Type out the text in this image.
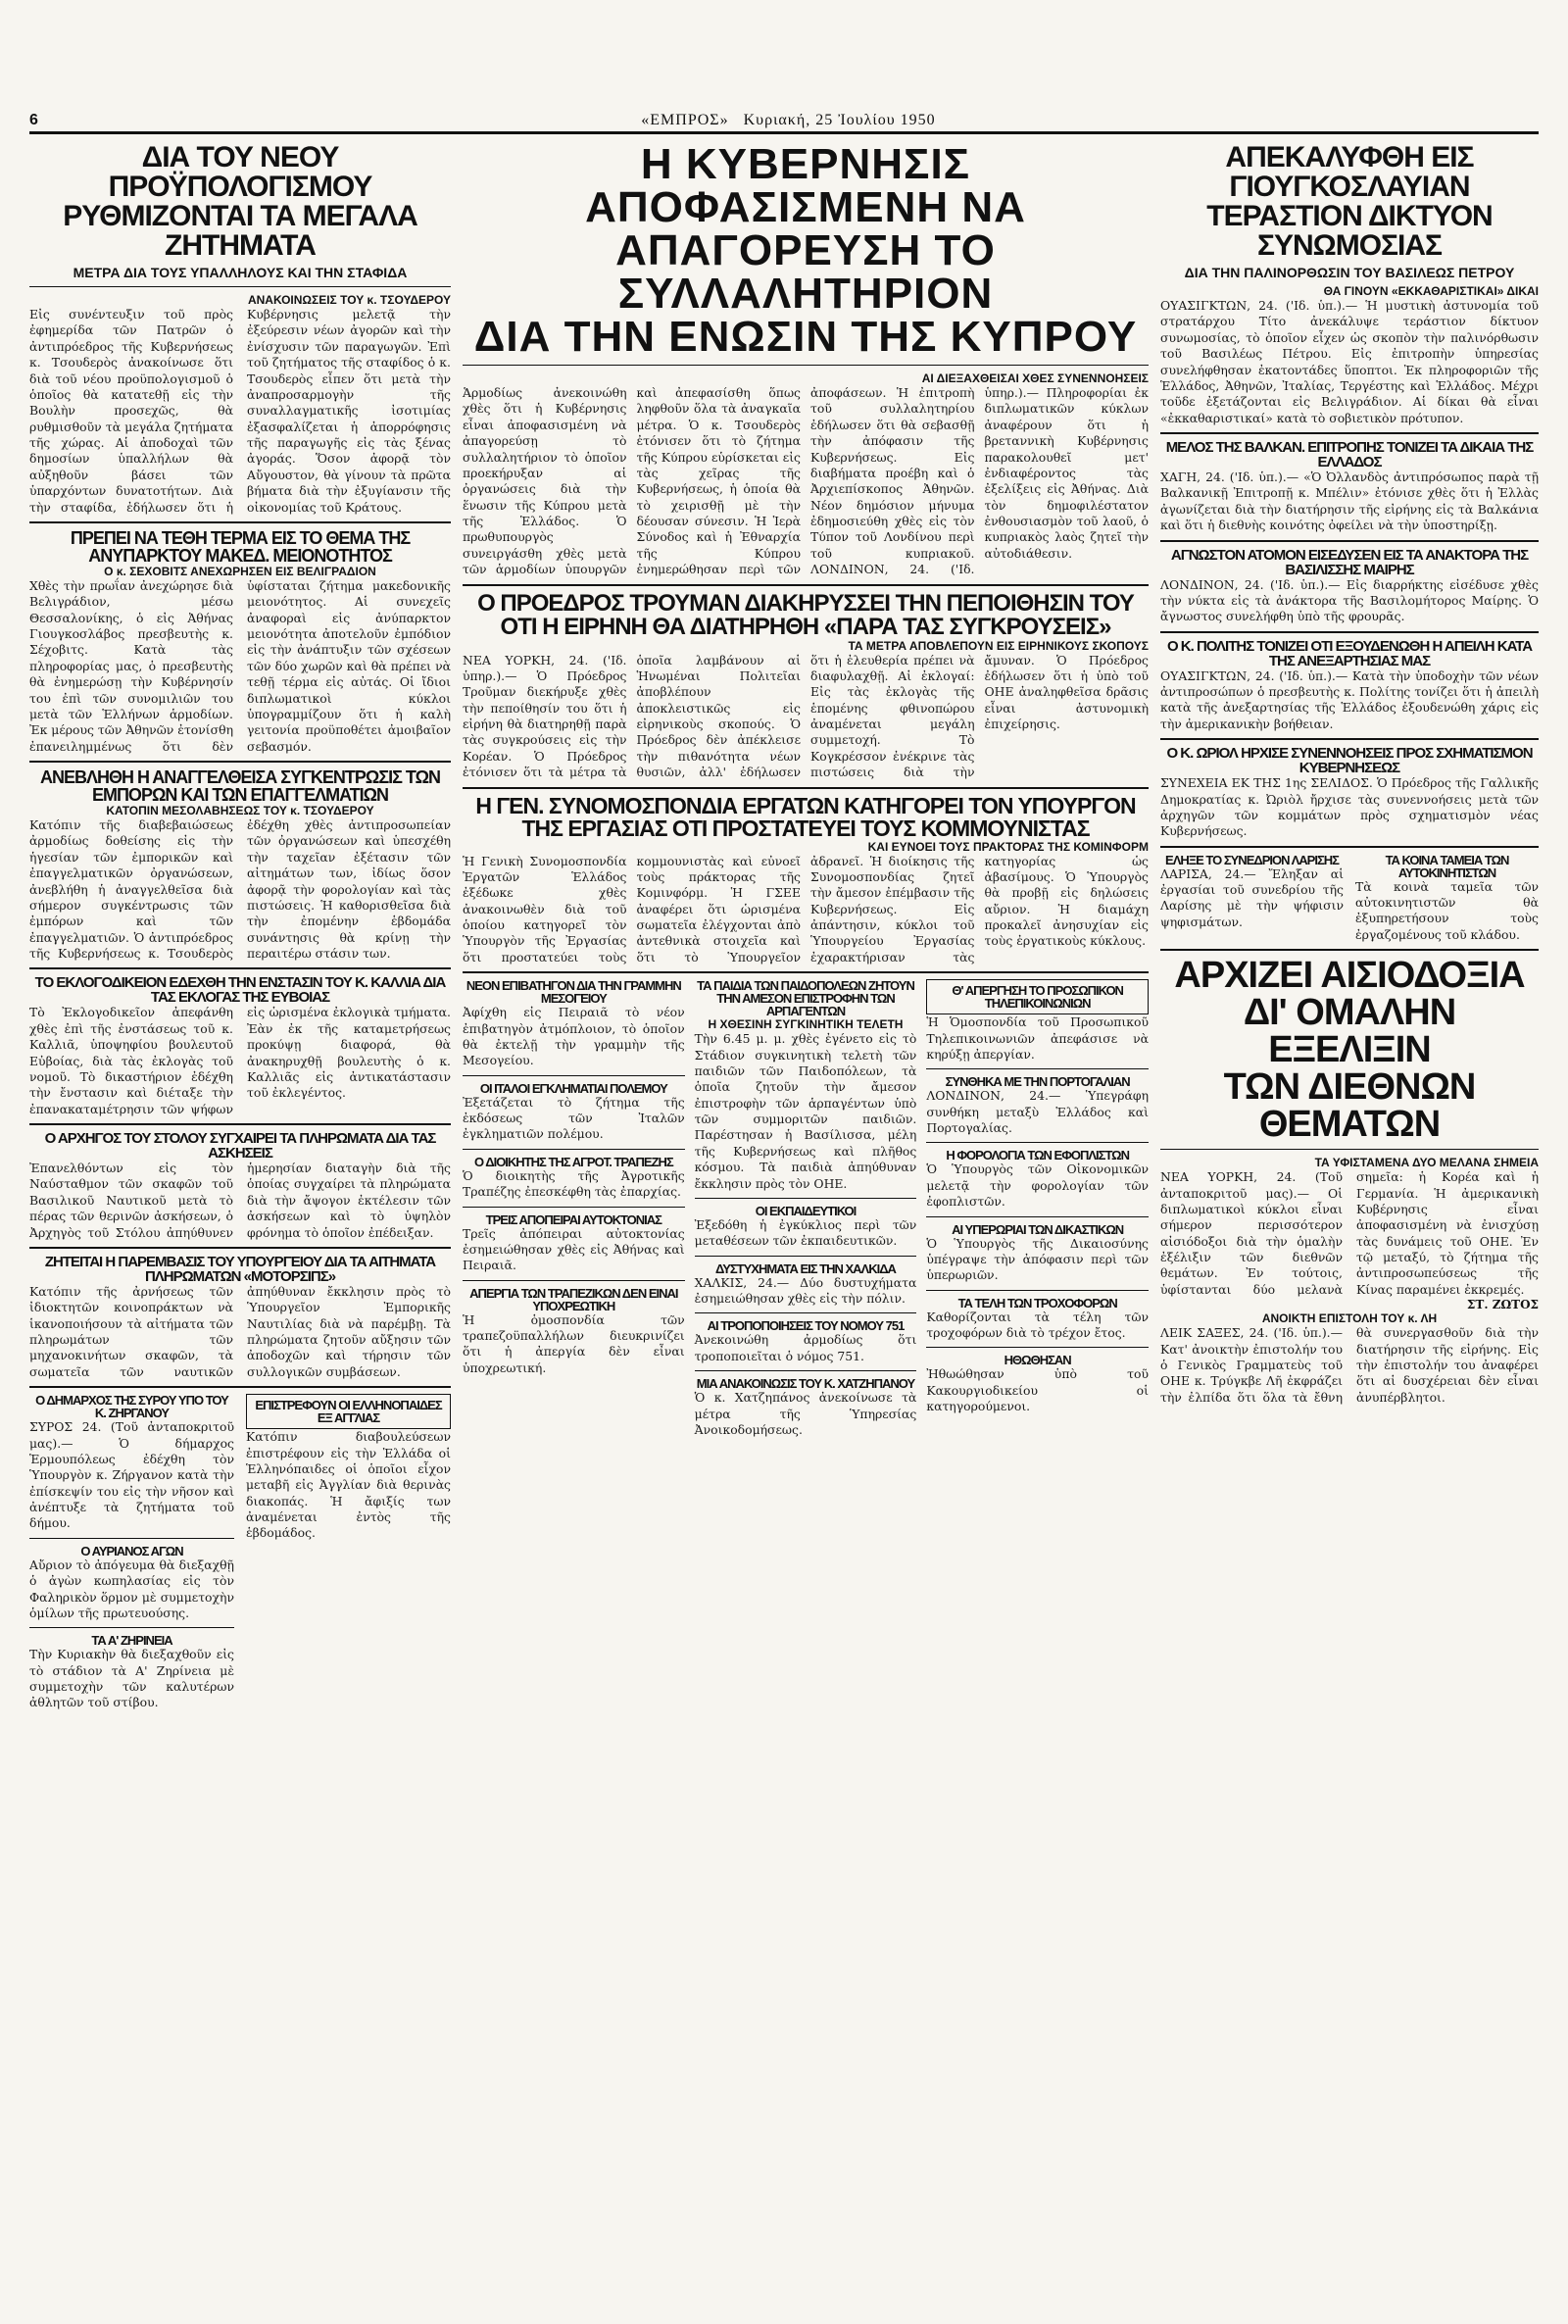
6	«ΕΜΠΡΟΣ» Κυριακή, 25 Ἰουλίου 1950
ΔΙΑ ΤΟΥ ΝΕΟΥ ΠΡΟΫΠΟΛΟΓΙΣΜΟΥ ΡΥΘΜΙΖΟΝΤΑΙ ΤΑ ΜΕΓΑΛΑ ΖΗΤΗΜΑΤΑ
ΜΕΤΡΑ ΔΙΑ ΤΟΥΣ ΥΠΑΛΛΗΛΟΥΣ ΚΑΙ ΤΗΝ ΣΤΑΦΙΔΑ
ΑΝΑΚΟΙΝΩΣΕΙΣ ΤΟΥ κ. ΤΣΟΥΔΕΡΟΥ
Εἰς συνέντευξιν τοῦ πρὸς ἐφημερίδα τῶν Πατρῶν ὁ ἀντιπρόεδρος τῆς Κυβερνήσεως κ. Τσουδερὸς ἀνακοίνωσε ὅτι διὰ τοῦ νέου προϋπολογισμοῦ ὁ ὁποῖος θὰ κατατεθῇ εἰς τὴν Βουλὴν προσεχῶς, θὰ ρυθμισθοῦν τὰ μεγάλα ζητήματα τῆς χώρας. Αἱ ἀποδοχαὶ τῶν δημοσίων ὑπαλλήλων θὰ αὐξηθοῦν βάσει τῶν ὑπαρχόντων δυνατοτήτων. Διὰ τὴν σταφίδα, ἐδήλωσεν ὅτι ἡ Κυβέρνησις μελετᾷ τὴν ἐξεύρεσιν νέων ἀγορῶν καὶ τὴν ἐνίσχυσιν τῶν παραγωγῶν. Ἐπὶ τοῦ ζητήματος τῆς σταφίδος ὁ κ. Τσουδερὸς εἶπεν ὅτι μετὰ τὴν ἀναπροσαρμογὴν τῆς συναλλαγματικῆς ἰσοτιμίας ἐξασφαλίζεται ἡ ἀπορρόφησις τῆς παραγωγῆς εἰς τὰς ξένας ἀγοράς. Ὅσον ἀφορᾷ τὸν Αὔγουστον, θὰ γίνουν τὰ πρῶτα βήματα διὰ τὴν ἐξυγίανσιν τῆς οἰκονομίας τοῦ Κράτους.
ΠΡΕΠΕΙ ΝΑ ΤΕΘΗ ΤΕΡΜΑ ΕΙΣ ΤΟ ΘΕΜΑ ΤΗΣ ΑΝΥΠΑΡΚΤΟΥ ΜΑΚΕΔ. ΜΕΙΟΝΟΤΗΤΟΣ
Ο κ. ΣΕΧΟΒΙΤΣ ΑΝΕΧΩΡΗΣΕΝ ΕΙΣ ΒΕΛΙΓΡΑΔΙΟΝ
Χθὲς τὴν πρωΐαν ἀνεχώρησε διὰ Βελιγράδιον, μέσω Θεσσαλονίκης, ὁ εἰς Ἀθήνας Γιουγκοσλάβος πρεσβευτὴς κ. Σέχοβιτς. Κατὰ τὰς πληροφορίας μας, ὁ πρεσβευτὴς θὰ ἐνημερώσῃ τὴν Κυβέρνησίν του ἐπὶ τῶν συνομιλιῶν του μετὰ τῶν Ἑλλήνων ἁρμοδίων. Ἐκ μέρους τῶν Ἀθηνῶν ἐτονίσθη ἐπανειλημμένως ὅτι δὲν ὑφίσταται ζήτημα μακεδονικῆς μειονότητος. Αἱ συνεχεῖς ἀναφοραὶ εἰς ἀνύπαρκτον μειονότητα ἀποτελοῦν ἐμπόδιον εἰς τὴν ἀνάπτυξιν τῶν σχέσεων τῶν δύο χωρῶν καὶ θὰ πρέπει νὰ τεθῇ τέρμα εἰς αὐτάς. Οἱ ἴδιοι διπλωματικοὶ κύκλοι ὑπογραμμίζουν ὅτι ἡ καλὴ γειτονία προϋποθέτει ἀμοιβαῖον σεβασμόν.
ΑΝΕΒΛΗΘΗ Η ΑΝΑΓΓΕΛΘΕΙΣΑ ΣΥΓΚΕΝΤΡΩΣΙΣ ΤΩΝ ΕΜΠΟΡΩΝ ΚΑΙ ΤΩΝ ΕΠΑΓΓΕΛΜΑΤΙΩΝ
ΚΑΤΟΠΙΝ ΜΕΣΟΛΑΒΗΣΕΩΣ ΤΟΥ κ. ΤΣΟΥΔΕΡΟΥ
Κατόπιν τῆς διαβεβαιώσεως ἀρμοδίως δοθείσης εἰς τὴν ἡγεσίαν τῶν ἐμπορικῶν καὶ ἐπαγγελματικῶν ὀργανώσεων, ἀνεβλήθη ἡ ἀναγγελθεῖσα διὰ σήμερον συγκέντρωσις τῶν ἐμπόρων καὶ τῶν ἐπαγγελματιῶν. Ὁ ἀντιπρόεδρος τῆς Κυβερνήσεως κ. Τσουδερὸς ἐδέχθη χθὲς ἀντιπροσωπείαν τῶν ὀργανώσεων καὶ ὑπεσχέθη τὴν ταχεῖαν ἐξέτασιν τῶν αἰτημάτων των, ἰδίως ὅσον ἀφορᾷ τὴν φορολογίαν καὶ τὰς πιστώσεις. Ἡ καθορισθεῖσα διὰ τὴν ἐπομένην ἑβδομάδα συνάντησις θὰ κρίνῃ τὴν περαιτέρω στάσιν των.
ΤΟ ΕΚΛΟΓΟΔΙΚΕΙΟΝ ΕΔΕΧΘΗ ΤΗΝ ΕΝΣΤΑΣΙΝ ΤΟΥ Κ. ΚΑΛΛΙΑ ΔΙΑ ΤΑΣ ΕΚΛΟΓΑΣ ΤΗΣ ΕΥΒΟΙΑΣ
Τὸ Ἐκλογοδικεῖον ἀπεφάνθη χθὲς ἐπὶ τῆς ἐνστάσεως τοῦ κ. Καλλιᾶ, ὑποψηφίου βουλευτοῦ Εὐβοίας, διὰ τὰς ἐκλογὰς τοῦ νομοῦ. Τὸ δικαστήριον ἐδέχθη τὴν ἔνστασιν καὶ διέταξε τὴν ἐπανακαταμέτρησιν τῶν ψήφων εἰς ὡρισμένα ἐκλογικὰ τμήματα. Ἐὰν ἐκ τῆς καταμετρήσεως προκύψῃ διαφορά, θὰ ἀνακηρυχθῇ βουλευτὴς ὁ κ. Καλλιᾶς εἰς ἀντικατάστασιν τοῦ ἐκλεγέντος.
Ο ΑΡΧΗΓΟΣ ΤΟΥ ΣΤΟΛΟΥ ΣΥΓΧΑΙΡΕΙ ΤΑ ΠΛΗΡΩΜΑΤΑ ΔΙΑ ΤΑΣ ΑΣΚΗΣΕΙΣ
Ἐπανελθόντων εἰς τὸν Ναύσταθμον τῶν σκαφῶν τοῦ Βασιλικοῦ Ναυτικοῦ μετὰ τὸ πέρας τῶν θερινῶν ἀσκήσεων, ὁ Ἀρχηγὸς τοῦ Στόλου ἀπηύθυνεν ἡμερησίαν διαταγὴν διὰ τῆς ὁποίας συγχαίρει τὰ πληρώματα διὰ τὴν ἄψογον ἐκτέλεσιν τῶν ἀσκήσεων καὶ τὸ ὑψηλὸν φρόνημα τὸ ὁποῖον ἐπέδειξαν.
ΖΗΤΕΙΤΑΙ Η ΠΑΡΕΜΒΑΣΙΣ ΤΟΥ ΥΠΟΥΡΓΕΙΟΥ ΔΙΑ ΤΑ ΑΙΤΗΜΑΤΑ ΠΛΗΡΩΜΑΤΩΝ «ΜΟΤΟΡΣΙΠΣ»
Κατόπιν τῆς ἀρνήσεως τῶν ἰδιοκτητῶν κοινοπράκτων νὰ ἱκανοποιήσουν τὰ αἰτήματα τῶν πληρωμάτων τῶν μηχανοκινήτων σκαφῶν, τὰ σωματεῖα τῶν ναυτικῶν ἀπηύθυναν ἔκκλησιν πρὸς τὸ Ὑπουργεῖον Ἐμπορικῆς Ναυτιλίας διὰ νὰ παρέμβῃ. Τὰ πληρώματα ζητοῦν αὔξησιν τῶν ἀποδοχῶν καὶ τήρησιν τῶν συλλογικῶν συμβάσεων.
Ο ΔΗΜΑΡΧΟΣ ΤΗΣ ΣΥΡΟΥ ΥΠΟ ΤΟΥ Κ. ΖΗΡΓΑΝΟΥ
ΣΥΡΟΣ 24. (Τοῦ ἀνταποκριτοῦ μας).— Ὁ δήμαρχος Ἑρμουπόλεως ἐδέχθη τὸν Ὑπουργὸν κ. Ζήργανον κατὰ τὴν ἐπίσκεψίν του εἰς τὴν νῆσον καὶ ἀνέπτυξε τὰ ζητήματα τοῦ δήμου.
Ο ΑΥΡΙΑΝΟΣ ΑΓΩΝ
Αὔριον τὸ ἀπόγευμα θὰ διεξαχθῇ ὁ ἀγὼν κωπηλασίας εἰς τὸν Φαληρικὸν ὅρμον μὲ συμμετοχὴν ὁμίλων τῆς πρωτευούσης.
ΤΑ Α' ΖΗΡΙΝΕΙΑ
Τὴν Κυριακὴν θὰ διεξαχθοῦν εἰς τὸ στάδιον τὰ Α' Ζηρίνεια μὲ συμμετοχὴν τῶν καλυτέρων ἀθλητῶν τοῦ στίβου.
ΕΠΙΣΤΡΕΦΟΥΝ ΟΙ ΕΛΛΗΝΟΠΑΙΔΕΣ ΕΞ ΑΓΓΛΙΑΣ
Κατόπιν διαβουλεύσεων ἐπιστρέφουν εἰς τὴν Ἑλλάδα οἱ Ἑλληνόπαιδες οἱ ὁποῖοι εἶχον μεταβῆ εἰς Ἀγγλίαν διὰ θερινὰς διακοπάς. Ἡ ἄφιξίς των ἀναμένεται ἐντὸς τῆς ἑβδομάδος.
Η ΚΥΒΕΡΝΗΣΙΣ ΑΠΟΦΑΣΙΣΜΕΝΗ ΝΑ
ΑΠΑΓΟΡΕΥΣΗ ΤΟ ΣΥΛΛΑΛΗΤΗΡΙΟΝ
ΔΙΑ ΤΗΝ ΕΝΩΣΙΝ ΤΗΣ ΚΥΠΡΟΥ
ΑΙ ΔΙΕΞΑΧΘΕΙΣΑΙ ΧΘΕΣ ΣΥΝΕΝΝΟΗΣΕΙΣ
Ἁρμοδίως ἀνεκοινώθη χθὲς ὅτι ἡ Κυβέρνησις εἶναι ἀποφασισμένη νὰ ἀπαγορεύσῃ τὸ συλλαλητήριον τὸ ὁποῖον προεκήρυξαν αἱ ὀργανώσεις διὰ τὴν ἕνωσιν τῆς Κύπρου μετὰ τῆς Ἑλλάδος. Ὁ πρωθυπουργὸς συνειργάσθη χθὲς μετὰ τῶν ἁρμοδίων ὑπουργῶν καὶ ἀπεφασίσθη ὅπως ληφθοῦν ὅλα τὰ ἀναγκαῖα μέτρα. Ὁ κ. Τσουδερὸς ἐτόνισεν ὅτι τὸ ζήτημα τῆς Κύπρου εὑρίσκεται εἰς τὰς χεῖρας τῆς Κυβερνήσεως, ἡ ὁποία θὰ τὸ χειρισθῇ μὲ τὴν δέουσαν σύνεσιν. Ἡ Ἱερὰ Σύνοδος καὶ ἡ Ἐθναρχία τῆς Κύπρου ἐνημερώθησαν περὶ τῶν ἀποφάσεων. Ἡ ἐπιτροπὴ τοῦ συλλαλητηρίου ἐδήλωσεν ὅτι θὰ σεβασθῇ τὴν ἀπόφασιν τῆς Κυβερνήσεως. Εἰς διαβήματα προέβη καὶ ὁ Ἀρχιεπίσκοπος Ἀθηνῶν. Νέον δημόσιον μήνυμα ἐδημοσιεύθη χθὲς εἰς τὸν Τύπον τοῦ Λονδίνου περὶ τοῦ κυπριακοῦ. ΛΟΝΔΙΝΟΝ, 24. ('Ιδ. ὑπηρ.).— Πληροφορίαι ἐκ διπλωματικῶν κύκλων ἀναφέρουν ὅτι ἡ βρεταννικὴ Κυβέρνησις παρακολουθεῖ μετ' ἐνδιαφέροντος τὰς ἐξελίξεις εἰς Ἀθήνας. Διὰ τὸν δημοφιλέστατον ἐνθουσιασμὸν τοῦ λαοῦ, ὁ κυπριακὸς λαὸς ζητεῖ τὴν αὐτοδιάθεσιν.
Ο ΠΡΟΕΔΡΟΣ ΤΡΟΥΜΑΝ ΔΙΑΚΗΡΥΣΣΕΙ ΤΗΝ ΠΕΠΟΙΘΗΣΙΝ ΤΟΥ
ΟΤΙ Η ΕΙΡΗΝΗ ΘΑ ΔΙΑΤΗΡΗΘΗ «ΠΑΡΑ ΤΑΣ ΣΥΓΚΡΟΥΣΕΙΣ»
ΤΑ ΜΕΤΡΑ ΑΠΟΒΛΕΠΟΥΝ ΕΙΣ ΕΙΡΗΝΙΚΟΥΣ ΣΚΟΠΟΥΣ
ΝΕΑ ΥΟΡΚΗ, 24. ('Ιδ. ὑπηρ.).— Ὁ Πρόεδρος Τροῦμαν διεκήρυξε χθὲς τὴν πεποίθησίν του ὅτι ἡ εἰρήνη θὰ διατηρηθῇ παρὰ τὰς συγκρούσεις εἰς τὴν Κορέαν. Ὁ Πρόεδρος ἐτόνισεν ὅτι τὰ μέτρα τὰ ὁποῖα λαμβάνουν αἱ Ἡνωμέναι Πολιτεῖαι ἀποβλέπουν ἀποκλειστικῶς εἰς εἰρηνικοὺς σκοπούς. Ὁ Πρόεδρος δὲν ἀπέκλεισε τὴν πιθανότητα νέων θυσιῶν, ἀλλ' ἐδήλωσεν ὅτι ἡ ἐλευθερία πρέπει νὰ διαφυλαχθῇ. Αἱ ἐκλογαί: Εἰς τὰς ἐκλογὰς τῆς ἑπομένης φθινοπώρου ἀναμένεται μεγάλη συμμετοχή. Τὸ Κογκρέσσον ἐνέκρινε τὰς πιστώσεις διὰ τὴν ἄμυναν. Ὁ Πρόεδρος ἐδήλωσεν ὅτι ἡ ὑπὸ τοῦ ΟΗΕ ἀναληφθεῖσα δρᾶσις εἶναι ἀστυνομικὴ ἐπιχείρησις.
Η ΓΕΝ. ΣΥΝΟΜΟΣΠΟΝΔΙΑ ΕΡΓΑΤΩΝ ΚΑΤΗΓΟΡΕΙ ΤΟΝ ΥΠΟΥΡΓΟΝ
ΤΗΣ ΕΡΓΑΣΙΑΣ ΟΤΙ ΠΡΟΣΤΑΤΕΥΕΙ ΤΟΥΣ ΚΟΜΜΟΥΝΙΣΤΑΣ
ΚΑΙ ΕΥΝΟΕΙ ΤΟΥΣ ΠΡΑΚΤΟΡΑΣ ΤΗΣ ΚΟΜΙΝΦΟΡΜ
Ἡ Γενικὴ Συνομοσπονδία Ἐργατῶν Ἑλλάδος ἐξέδωκε χθὲς ἀνακοινωθὲν διὰ τοῦ ὁποίου κατηγορεῖ τὸν Ὑπουργὸν τῆς Ἐργασίας ὅτι προστατεύει τοὺς κομμουνιστὰς καὶ εὐνοεῖ τοὺς πράκτορας τῆς Κομινφόρμ. Ἡ ΓΣΕΕ ἀναφέρει ὅτι ὡρισμένα σωματεῖα ἐλέγχονται ἀπὸ ἀντεθνικὰ στοιχεῖα καὶ ὅτι τὸ Ὑπουργεῖον ἀδρανεῖ. Ἡ διοίκησις τῆς Συνομοσπονδίας ζητεῖ τὴν ἄμεσον ἐπέμβασιν τῆς Κυβερνήσεως. Εἰς ἀπάντησιν, κύκλοι τοῦ Ὑπουργείου Ἐργασίας ἐχαρακτήρισαν τὰς κατηγορίας ὡς ἀβασίμους. Ὁ Ὑπουργὸς θὰ προβῇ εἰς δηλώσεις αὔριον. Ἡ διαμάχη προκαλεῖ ἀνησυχίαν εἰς τοὺς ἐργατικοὺς κύκλους.
ΝΕΟΝ ΕΠΙΒΑΤΗΓΟΝ ΔΙΑ ΤΗΝ ΓΡΑΜΜΗΝ ΜΕΣΟΓΕΙΟΥ
Ἀφίχθη εἰς Πειραιᾶ τὸ νέον ἐπιβατηγὸν ἀτμόπλοιον, τὸ ὁποῖον θὰ ἐκτελῇ τὴν γραμμὴν τῆς Μεσογείου.
ΟΙ ΙΤΑΛΟΙ ΕΓΚΛΗΜΑΤΙΑΙ ΠΟΛΕΜΟΥ
Ἐξετάζεται τὸ ζήτημα τῆς ἐκδόσεως τῶν Ἰταλῶν ἐγκληματιῶν πολέμου.
Ο ΔΙΟΙΚΗΤΗΣ ΤΗΣ ΑΓΡΟΤ. ΤΡΑΠΕΖΗΣ
Ὁ διοικητὴς τῆς Ἀγροτικῆς Τραπέζης ἐπεσκέφθη τὰς ἐπαρχίας.
ΤΡΕΙΣ ΑΠΟΠΕΙΡΑΙ ΑΥΤΟΚΤΟΝΙΑΣ
Τρεῖς ἀπόπειραι αὐτοκτονίας ἐσημειώθησαν χθὲς εἰς Ἀθήνας καὶ Πειραιᾶ.
ΑΠΕΡΓΙΑ ΤΩΝ ΤΡΑΠΕΖΙΚΩΝ ΔΕΝ ΕΙΝΑΙ ΥΠΟΧΡΕΩΤΙΚΗ
Ἡ ὁμοσπονδία τῶν τραπεζοϋπαλλήλων διευκρινίζει ὅτι ἡ ἀπεργία δὲν εἶναι ὑποχρεωτική.
ΤΑ ΠΑΙΔΙΑ ΤΩΝ ΠΑΙΔΟΠΟΛΕΩΝ ΖΗΤΟΥΝ ΤΗΝ ΑΜΕΣΟΝ ΕΠΙΣΤΡΟΦΗΝ ΤΩΝ ΑΡΠΑΓΕΝΤΩΝ
Η ΧΘΕΣΙΝΗ ΣΥΓΚΙΝΗΤΙΚΗ ΤΕΛΕΤΗ
Τὴν 6.45 μ. μ. χθὲς ἐγένετο εἰς τὸ Στάδιον συγκινητικὴ τελετὴ τῶν παιδιῶν τῶν Παιδοπόλεων, τὰ ὁποῖα ζητοῦν τὴν ἄμεσον ἐπιστροφὴν τῶν ἁρπαγέντων ὑπὸ τῶν συμμοριτῶν παιδιῶν. Παρέστησαν ἡ Βασίλισσα, μέλη τῆς Κυβερνήσεως καὶ πλῆθος κόσμου. Τὰ παιδιὰ ἀπηύθυναν ἔκκλησιν πρὸς τὸν ΟΗΕ.
ΟΙ ΕΚΠΑΙΔΕΥΤΙΚΟΙ
Ἐξεδόθη ἡ ἐγκύκλιος περὶ τῶν μεταθέσεων τῶν ἐκπαιδευτικῶν.
ΔΥΣΤΥΧΗΜΑΤΑ ΕΙΣ ΤΗΝ ΧΑΛΚΙΔΑ
ΧΑΛΚΙΣ, 24.— Δύο δυστυχήματα ἐσημειώθησαν χθὲς εἰς τὴν πόλιν.
ΑΙ ΤΡΟΠΟΠΟΙΗΣΕΙΣ ΤΟΥ ΝΟΜΟΥ 751
Ἀνεκοινώθη ἀρμοδίως ὅτι τροποποιεῖται ὁ νόμος 751.
ΜΙΑ ΑΝΑΚΟΙΝΩΣΙΣ ΤΟΥ Κ. ΧΑΤΖΗΠΑΝΟΥ
Ὁ κ. Χατζηπάνος ἀνεκοίνωσε τὰ μέτρα τῆς Ὑπηρεσίας Ἀνοικοδομήσεως.
Θ' ΑΠΕΡΓΗΣΗ ΤΟ ΠΡΟΣΩΠΙΚΟΝ ΤΗΛΕΠΙΚΟΙΝΩΝΙΩΝ
Ἡ Ὁμοσπονδία τοῦ Προσωπικοῦ Τηλεπικοινωνιῶν ἀπεφάσισε νὰ κηρύξῃ ἀπεργίαν.
ΣΥΝΘΗΚΑ ΜΕ ΤΗΝ ΠΟΡΤΟΓΑΛΙΑΝ
ΛΟΝΔΙΝΟΝ, 24.— Ὑπεγράφη συνθήκη μεταξὺ Ἑλλάδος καὶ Πορτογαλίας.
Η ΦΟΡΟΛΟΓΙΑ ΤΩΝ ΕΦΟΠΛΙΣΤΩΝ
Ὁ Ὑπουργὸς τῶν Οἰκονομικῶν μελετᾷ τὴν φορολογίαν τῶν ἐφοπλιστῶν.
ΑΙ ΥΠΕΡΩΡΙΑΙ ΤΩΝ ΔΙΚΑΣΤΙΚΩΝ
Ὁ Ὑπουργὸς τῆς Δικαιοσύνης ὑπέγραψε τὴν ἀπόφασιν περὶ τῶν ὑπερωριῶν.
ΤΑ ΤΕΛΗ ΤΩΝ ΤΡΟΧΟΦΟΡΩΝ
Καθορίζονται τὰ τέλη τῶν τροχοφόρων διὰ τὸ τρέχον ἔτος.
ΗΘΩΘΗΣΑΝ
Ἠθωώθησαν ὑπὸ τοῦ Κακουργιοδικείου οἱ κατηγορούμενοι.
ΑΠΕΚΑΛΥΦΘΗ ΕΙΣ ΓΙΟΥΓΚΟΣΛΑΥΙΑΝ ΤΕΡΑΣΤΙΟΝ ΔΙΚΤΥΟΝ ΣΥΝΩΜΟΣΙΑΣ
ΔΙΑ ΤΗΝ ΠΑΛΙΝΟΡΘΩΣΙΝ ΤΟΥ ΒΑΣΙΛΕΩΣ ΠΕΤΡΟΥ
ΘΑ ΓΙΝΟΥΝ «ΕΚΚΑΘΑΡΙΣΤΙΚΑΙ» ΔΙΚΑΙ
ΟΥΑΣΙΓΚΤΩΝ, 24. ('Ιδ. ὑπ.).— Ἡ μυστικὴ ἀστυνομία τοῦ στρατάρχου Τίτο ἀνεκάλυψε τεράστιον δίκτυον συνωμοσίας, τὸ ὁποῖον εἶχεν ὡς σκοπὸν τὴν παλινόρθωσιν τοῦ Βασιλέως Πέτρου. Εἰς ἐπιτροπὴν ὑπηρεσίας συνελήφθησαν ἐκατοντάδες ὕποπτοι. Ἐκ πληροφοριῶν τῆς Ἑλλάδος, Ἀθηνῶν, Ἰταλίας, Τεργέστης καὶ Ἑλλάδος. Μέχρι τοῦδε ἐξετάζονται εἰς Βελιγράδιον. Αἱ δίκαι θὰ εἶναι «ἐκκαθαριστικαί» κατὰ τὸ σοβιετικὸν πρότυπον.
ΜΕΛΟΣ ΤΗΣ ΒΑΛΚΑΝ. ΕΠΙΤΡΟΠΗΣ ΤΟΝΙΖΕΙ ΤΑ ΔΙΚΑΙΑ ΤΗΣ ΕΛΛΑΔΟΣ
ΧΑΓΗ, 24. ('Ιδ. ὑπ.).— «Ὁ Ὀλλανδὸς ἀντιπρόσωπος παρὰ τῇ Βαλκανικῇ Ἐπιτροπῇ κ. Μπέλιν» ἐτόνισε χθὲς ὅτι ἡ Ἑλλὰς ἀγωνίζεται διὰ τὴν διατήρησιν τῆς εἰρήνης εἰς τὰ Βαλκάνια καὶ ὅτι ἡ διεθνὴς κοινότης ὀφείλει νὰ τὴν ὑποστηρίξῃ.
ΑΓΝΩΣΤΟΝ ΑΤΟΜΟΝ ΕΙΣΕΔΥΣΕΝ ΕΙΣ ΤΑ ΑΝΑΚΤΟΡΑ ΤΗΣ ΒΑΣΙΛΙΣΣΗΣ ΜΑΙΡΗΣ
ΛΟΝΔΙΝΟΝ, 24. ('Ιδ. ὑπ.).— Εἰς διαρρήκτης εἰσέδυσε χθὲς τὴν νύκτα εἰς τὰ ἀνάκτορα τῆς Βασιλομήτορος Μαίρης. Ὁ ἄγνωστος συνελήφθη ὑπὸ τῆς φρουρᾶς.
Ο Κ. ΠΟΛΙΤΗΣ ΤΟΝΙΖΕΙ ΟΤΙ ΕΞΟΥΔΕΝΩΘΗ Η ΑΠΕΙΛΗ ΚΑΤΑ ΤΗΣ ΑΝΕΞΑΡΤΗΣΙΑΣ ΜΑΣ
ΟΥΑΣΙΓΚΤΩΝ, 24. ('Ιδ. ὑπ.).— Κατὰ τὴν ὑποδοχὴν τῶν νέων ἀντιπροσώπων ὁ πρεσβευτὴς κ. Πολίτης τονίζει ὅτι ἡ ἀπειλὴ κατὰ τῆς ἀνεξαρτησίας τῆς Ἑλλάδος ἐξουδενώθη χάρις εἰς τὴν ἀμερικανικὴν βοήθειαν.
Ο Κ. ΩΡΙΟΛ ΗΡΧΙΣΕ ΣΥΝΕΝΝΟΗΣΕΙΣ ΠΡΟΣ ΣΧΗΜΑΤΙΣΜΟΝ ΚΥΒΕΡΝΗΣΕΩΣ
ΣΥΝΕΧΕΙΑ ΕΚ ΤΗΣ 1ης ΣΕΛΙΔΟΣ. Ὁ Πρόεδρος τῆς Γαλλικῆς Δημοκρατίας κ. Ὠριὸλ ἤρχισε τὰς συνεννοήσεις μετὰ τῶν ἀρχηγῶν τῶν κομμάτων πρὸς σχηματισμὸν νέας Κυβερνήσεως.
ΕΛΗΞΕ ΤΟ ΣΥΝΕΔΡΙΟΝ ΛΑΡΙΣΗΣ
ΛΑΡΙΣΑ, 24.— Ἔληξαν αἱ ἐργασίαι τοῦ συνεδρίου τῆς Λαρίσης μὲ τὴν ψήφισιν ψηφισμάτων.
ΤΑ ΚΟΙΝΑ ΤΑΜΕΙΑ ΤΩΝ ΑΥΤΟΚΙΝΗΤΙΣΤΩΝ
Τὰ κοινὰ ταμεῖα τῶν αὐτοκινητιστῶν θὰ ἐξυπηρετήσουν τοὺς ἐργαζομένους τοῦ κλάδου.
ΑΡΧΙΖΕΙ ΑΙΣΙΟΔΟΞΙΑ
ΔΙ' ΟΜΑΛΗΝ ΕΞΕΛΙΞΙΝ
ΤΩΝ ΔΙΕΘΝΩΝ ΘΕΜΑΤΩΝ
ΤΑ ΥΦΙΣΤΑΜΕΝΑ ΔΥΟ ΜΕΛΑΝΑ ΣΗΜΕΙΑ
ΝΕΑ ΥΟΡΚΗ, 24. (Τοῦ ἀνταποκριτοῦ μας).— Οἱ διπλωματικοὶ κύκλοι εἶναι σήμερον περισσότερον αἰσιόδοξοι διὰ τὴν ὁμαλὴν ἐξέλιξιν τῶν διεθνῶν θεμάτων. Ἐν τούτοις, ὑφίστανται δύο μελανὰ σημεῖα: ἡ Κορέα καὶ ἡ Γερμανία. Ἡ ἀμερικανικὴ Κυβέρνησις εἶναι ἀποφασισμένη νὰ ἐνισχύσῃ τὰς δυνάμεις τοῦ ΟΗΕ. Ἐν τῷ μεταξύ, τὸ ζήτημα τῆς ἀντιπροσωπεύσεως τῆς Κίνας παραμένει ἐκκρεμές.
ΣΤ. ΖΩΤΟΣ
ΑΝΟΙΚΤΗ ΕΠΙΣΤΟΛΗ ΤΟΥ κ. ΛΗ
ΛΕΙΚ ΣΑΞΕΣ, 24. ('Ιδ. ὑπ.).— Κατ' ἀνοικτὴν ἐπιστολήν του ὁ Γενικὸς Γραμματεὺς τοῦ ΟΗΕ κ. Τρύγκβε Λῆ ἐκφράζει τὴν ἐλπίδα ὅτι ὅλα τὰ ἔθνη θὰ συνεργασθοῦν διὰ τὴν διατήρησιν τῆς εἰρήνης. Εἰς τὴν ἐπιστολήν του ἀναφέρει ὅτι αἱ δυσχέρειαι δὲν εἶναι ἀνυπέρβλητοι.
